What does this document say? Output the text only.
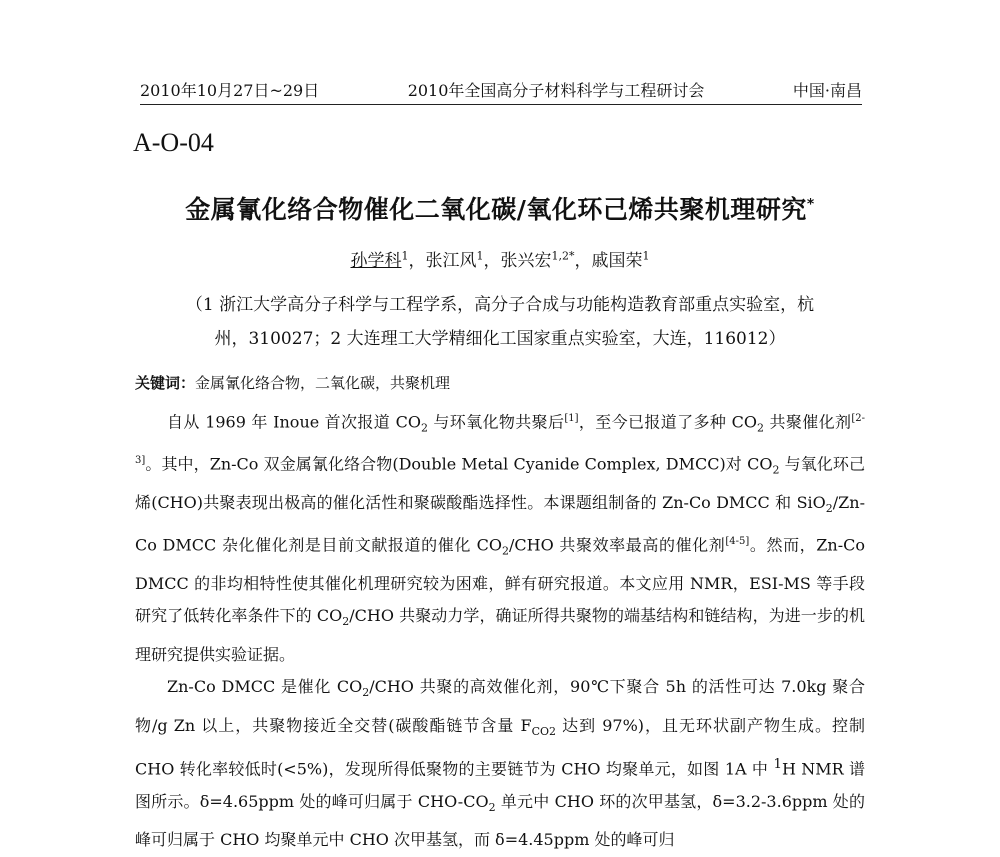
2010年10月27日~29日	2010年全国高分子材料科学与工程研讨会	中国·南昌
A-O-04
金属氰化络合物催化二氧化碳/氧化环己烯共聚机理研究*
孙学科$^1$，张江风$^1$，张兴宏$^{1,2*}$，戚国荣$^1$
（1 浙江大学高分子科学与工程学系，高分子合成与功能构造教育部重点实验室，杭
州，310027；2 大连理工大学精细化工国家重点实验室，大连，116012）
关键词：金属氰化络合物，二氧化碳，共聚机理

自从 1969 年 Inoue 首次报道 $CO_2$ 与环氧化物共聚后[1]，至今已报道了多种 $CO_2$ 共聚催化剂[2-3]。其中，Zn-Co 双金属氰化络合物(Double Metal Cyanide Complex, DMCC)对 $CO_2$ 与氧化环己烯(CHO)共聚表现出极高的催化活性和聚碳酸酯选择性。本课题组制备的 Zn-Co DMCC 和 SiO$_2$/Zn-Co DMCC 杂化催化剂是目前文献报道的催化 $CO_2$/CHO 共聚效率最高的催化剂[4-5]。然而，Zn-Co DMCC 的非均相特性使其催化机理研究较为困难，鲜有研究报道。本文应用 NMR，ESI-MS 等手段研究了低转化率条件下的 $CO_2$/CHO 共聚动力学，确证所得共聚物的端基结构和链结构，为进一步的机理研究提供实验证据。

Zn-Co DMCC 是催化 $CO_2$/CHO 共聚的高效催化剂，90℃下聚合 5h 的活性可达 7.0kg 聚合物/g Zn 以上，共聚物接近全交替(碳酸酯链节含量 $F_{CO2}$ 达到 97%)，且无环状副产物生成。控制 CHO 转化率较低时(<5%)，发现所得低聚物的主要链节为 CHO 均聚单元，如图 1A 中 $^1$H NMR 谱图所示。δ=4.65ppm 处的峰可归属于 CHO-$CO_2$ 单元中 CHO 环的次甲基氢，δ=3.2-3.6ppm 处的峰可归属于 CHO 均聚单元中 CHO 次甲基氢，而 δ=4.45ppm 处的峰可归
